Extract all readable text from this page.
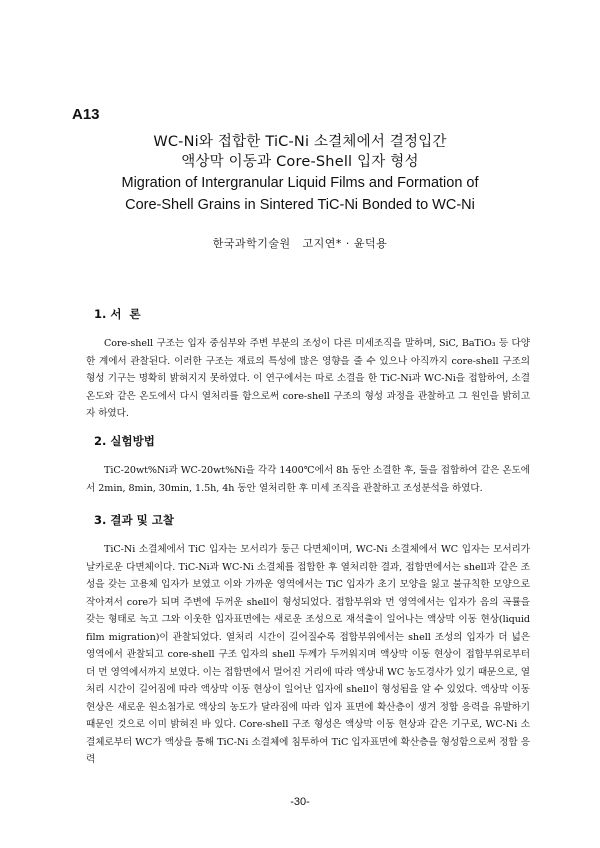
A13
WC-Ni와 접합한 TiC-Ni 소결체에서 결정입간
액상막 이동과 Core-Shell 입자 형성
Migration of Intergranular Liquid Films and Formation of
Core-Shell Grains in Sintered TiC-Ni Bonded to WC-Ni
한국과학기술원   고지연* · 윤덕용
1. 서  론

Core-shell 구조는 입자 중심부와 주변 부분의 조성이 다른 미세조직을 말하며, SiC, BaTiO₃ 등 다양한 계에서 관찰된다. 이러한 구조는 재료의 특성에 많은 영향을 줄 수 있으나 아직까지 core-shell 구조의 형성 기구는 명확히 밝혀지지 못하였다. 이 연구에서는 따로 소결을 한 TiC-Ni과 WC-Ni을 접합하여, 소결 온도와 같은 온도에서 다시 열처리를 함으로써 core-shell 구조의 형성 과정을 관찰하고 그 원인을 밝히고자 하였다.

2. 실험방법

TiC-20wt%Ni과 WC-20wt%Ni을 각각 1400℃에서 8h 동안 소결한 후, 둘을 접합하여 같은 온도에서 2min, 8min, 30min, 1.5h, 4h 동안 열처리한 후 미세 조직을 관찰하고 조성분석을 하였다.

3. 결과 및 고찰

TiC-Ni 소결체에서 TiC 입자는 모서리가 둥근 다면체이며, WC-Ni 소결체에서 WC 입자는 모서리가 날카로운 다면체이다. TiC-Ni과 WC-Ni 소결체를 접합한 후 열처리한 결과, 접합면에서는 shell과 같은 조성을 갖는 고용체 입자가 보였고 이와 가까운 영역에서는 TiC 입자가 초기 모양을 잃고 불규칙한 모양으로 작아져서 core가 되며 주변에 두꺼운 shell이 형성되었다. 접합부위와 먼 영역에서는 입자가 음의 곡률을 갖는 형태로 녹고 그와 이웃한 입자표면에는 새로운 조성으로 재석출이 일어나는 액상막 이동 현상(liquid film migration)이 관찰되었다. 열처리 시간이 길어질수록 접합부위에서는 shell 조성의 입자가 더 넓은 영역에서 관찰되고 core-shell 구조 입자의 shell 두께가 두꺼워지며 액상막 이동 현상이 접합부위로부터 더 먼 영역에서까지 보였다. 이는 접합면에서 멀어진 거리에 따라 액상내 WC 농도경사가 있기 때문으로, 열처리 시간이 길어짐에 따라 액상막 이동 현상이 일어난 입자에 shell이 형성됨을 알 수 있었다. 액상막 이동 현상은 새로운 원소첨가로 액상의 농도가 달라짐에 따라 입자 표면에 확산층이 생겨 정합 응력을 유발하기 때문인 것으로 이미 밝혀진 바 있다. Core-shell 구조 형성은 액상막 이동 현상과 같은 기구로, WC-Ni 소결체로부터 WC가 액상을 통해 TiC-Ni 소결체에 침투하여 TiC 입자표면에 확산층을 형성함으로써 정합 응력

-30-
